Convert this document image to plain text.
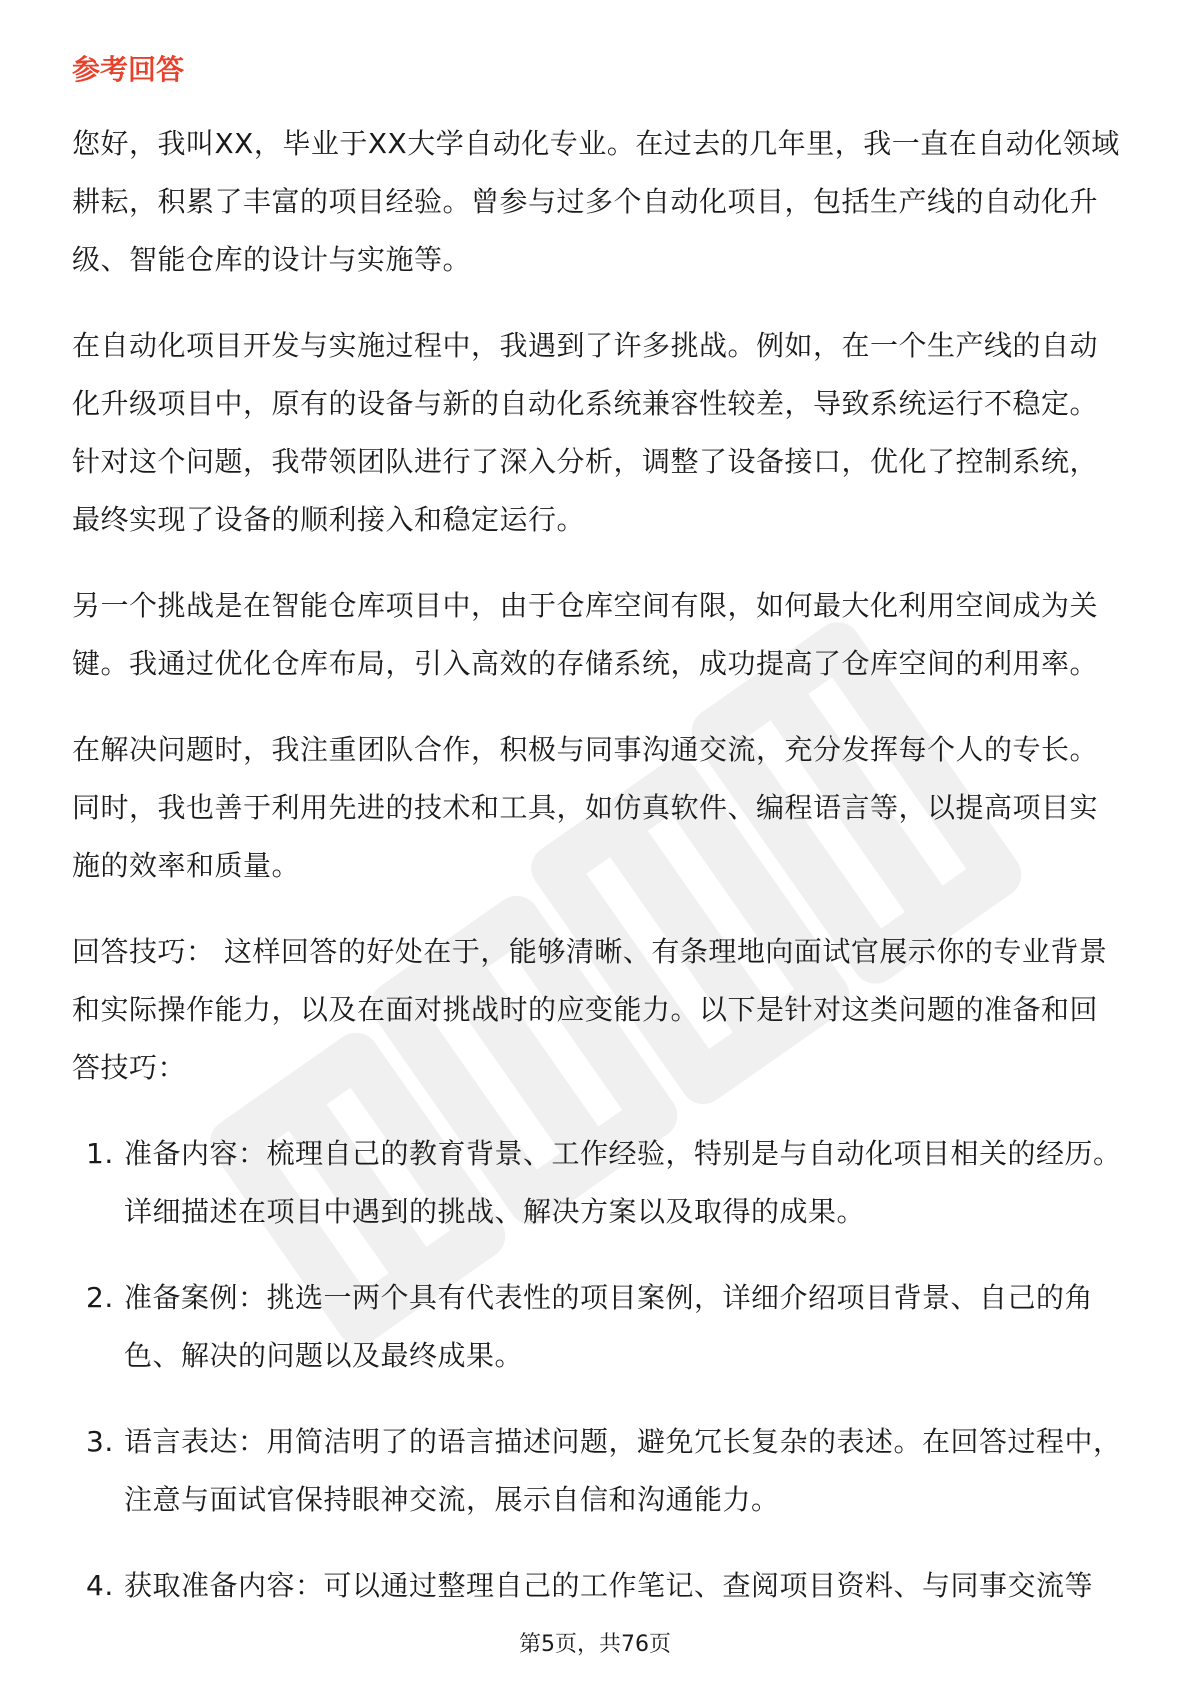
参考回答

您好，我叫XX，毕业于XX大学自动化专业。在过去的几年里，我一直在自动化领域耕耘，积累了丰富的项目经验。曾参与过多个自动化项目，包括生产线的自动化升级、智能仓库的设计与实施等。

在自动化项目开发与实施过程中，我遇到了许多挑战。例如，在一个生产线的自动化升级项目中，原有的设备与新的自动化系统兼容性较差，导致系统运行不稳定。针对这个问题，我带领团队进行了深入分析，调整了设备接口，优化了控制系统，最终实现了设备的顺利接入和稳定运行。

另一个挑战是在智能仓库项目中，由于仓库空间有限，如何最大化利用空间成为关键。我通过优化仓库布局，引入高效的存储系统，成功提高了仓库空间的利用率。

在解决问题时，我注重团队合作，积极与同事沟通交流，充分发挥每个人的专长。同时，我也善于利用先进的技术和工具，如仿真软件、编程语言等，以提高项目实施的效率和质量。

回答技巧： 这样回答的好处在于，能够清晰、有条理地向面试官展示你的专业背景和实际操作能力，以及在面对挑战时的应变能力。以下是针对这类问题的准备和回答技巧：

1. 准备内容：梳理自己的教育背景、工作经验，特别是与自动化项目相关的经历。详细描述在项目中遇到的挑战、解决方案以及取得的成果。
2. 准备案例：挑选一两个具有代表性的项目案例，详细介绍项目背景、自己的角色、解决的问题以及最终成果。
3. 语言表达：用简洁明了的语言描述问题，避免冗长复杂的表述。在回答过程中，注意与面试官保持眼神交流，展示自信和沟通能力。
4. 获取准备内容：可以通过整理自己的工作笔记、查阅项目资料、与同事交流等
第5页，共76页
